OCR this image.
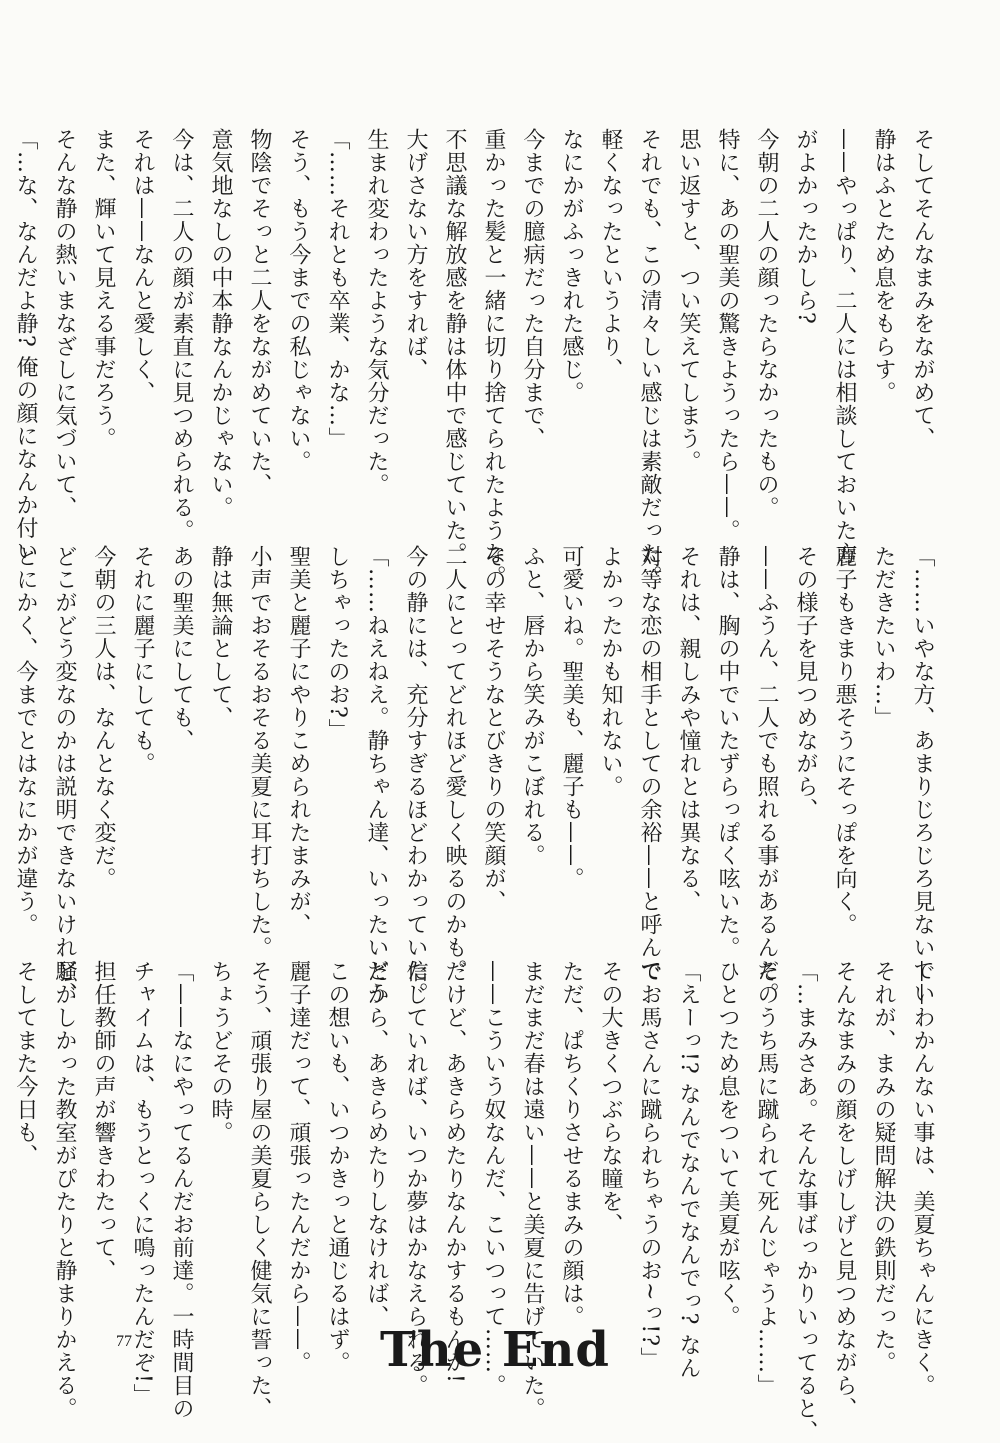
そしてそんなまみをながめて、

静はふとため息をもらす。

——やっぱり、二人には相談しておいた方

がよかったかしら?

今朝の二人の顔ったらなかったもの。

特に、あの聖美の驚きようったら——。

思い返すと、つい笑えてしまう。

それでも、この清々しい感じは素敵だった。

軽くなったというより、

なにかがふっきれた感じ。

今までの臆病だった自分まで、

重かった髪と一緒に切り捨てられたような。

不思議な解放感を静は体中で感じていた。

大げさない方をすれば、

生まれ変わったような気分だった。

「……それとも卒業、かな…」

そう、もう今までの私じゃない。

物陰でそっと二人をながめていた、

意気地なしの中本静なんかじゃない。

今は、二人の顔が素直に見つめられる。

それは——なんと愛しく、

また、輝いて見える事だろう。

そんな静の熱いまなざしに気づいて、

「…な、なんだよ静? 俺の顔になんか付い

「……いやな方、あまりじろじろ見ないでい

ただきたいわ…」

麗子もきまり悪そうにそっぽを向く。

その様子を見つめながら、

——ふうん、二人でも照れる事があるんだ。

静は、胸の中でいたずらっぽく呟いた。

それは、親しみや憧れとは異なる、

対等な恋の相手としての余裕——と呼んで

よかったかも知れない。

可愛いね。聖美も、麗子も——。

ふと、唇から笑みがこぼれる。

その幸せそうなとびきりの笑顔が、

二人にとってどれほど愛しく映るのかも。

今の静には、充分すぎるほどわかっていた。

「……ねえねえ。静ちゃん達、いったいどう

しちゃったのお?」

聖美と麗子にやりこめられたまみが、

小声でおそるおそる美夏に耳打ちした。

静は無論として、

あの聖美にしても、

それに麗子にしても。

今朝の三人は、なんとなく変だ。

どこがどう変なのかは説明できないけれど、

とにかく、今までとはなにかが違う。

——わかんない事は、美夏ちゃんにきく。

それが、まみの疑問解決の鉄則だった。

そんなまみの顔をしげしげと見つめながら、

「…まみさあ。そんな事ばっかりいってると、

そのうち馬に蹴られて死んじゃうよ……」

ひとつため息をついて美夏が呟く。

「えーっ!? なんでなんでなんでっ? なん

でお馬さんに蹴られちゃうのお~っ!?」

その大きくつぶらな瞳を、

ただ、ぱちくりさせるまみの顔は。

まだまだ春は遠い——と美夏に告げていた。

——こういう奴なんだ、こいつって……。

だけど、あきらめたりなんかするもんか!

信じていれば、いつか夢はかなえられる。

だから、あきらめたりしなければ、

この想いも、いつかきっと通じるはず。

麗子達だって、頑張ったんだから——。

そう、頑張り屋の美夏らしく健気に誓った、

ちょうどその時。

「——なにやってるんだお前達。一時間目の

チャイムは、もうとっくに鳴ったんだぞ!」

担任教師の声が響きわたって、

騒がしかった教室がぴたりと静まりかえる。

そしてまた今日も、

77	The End
